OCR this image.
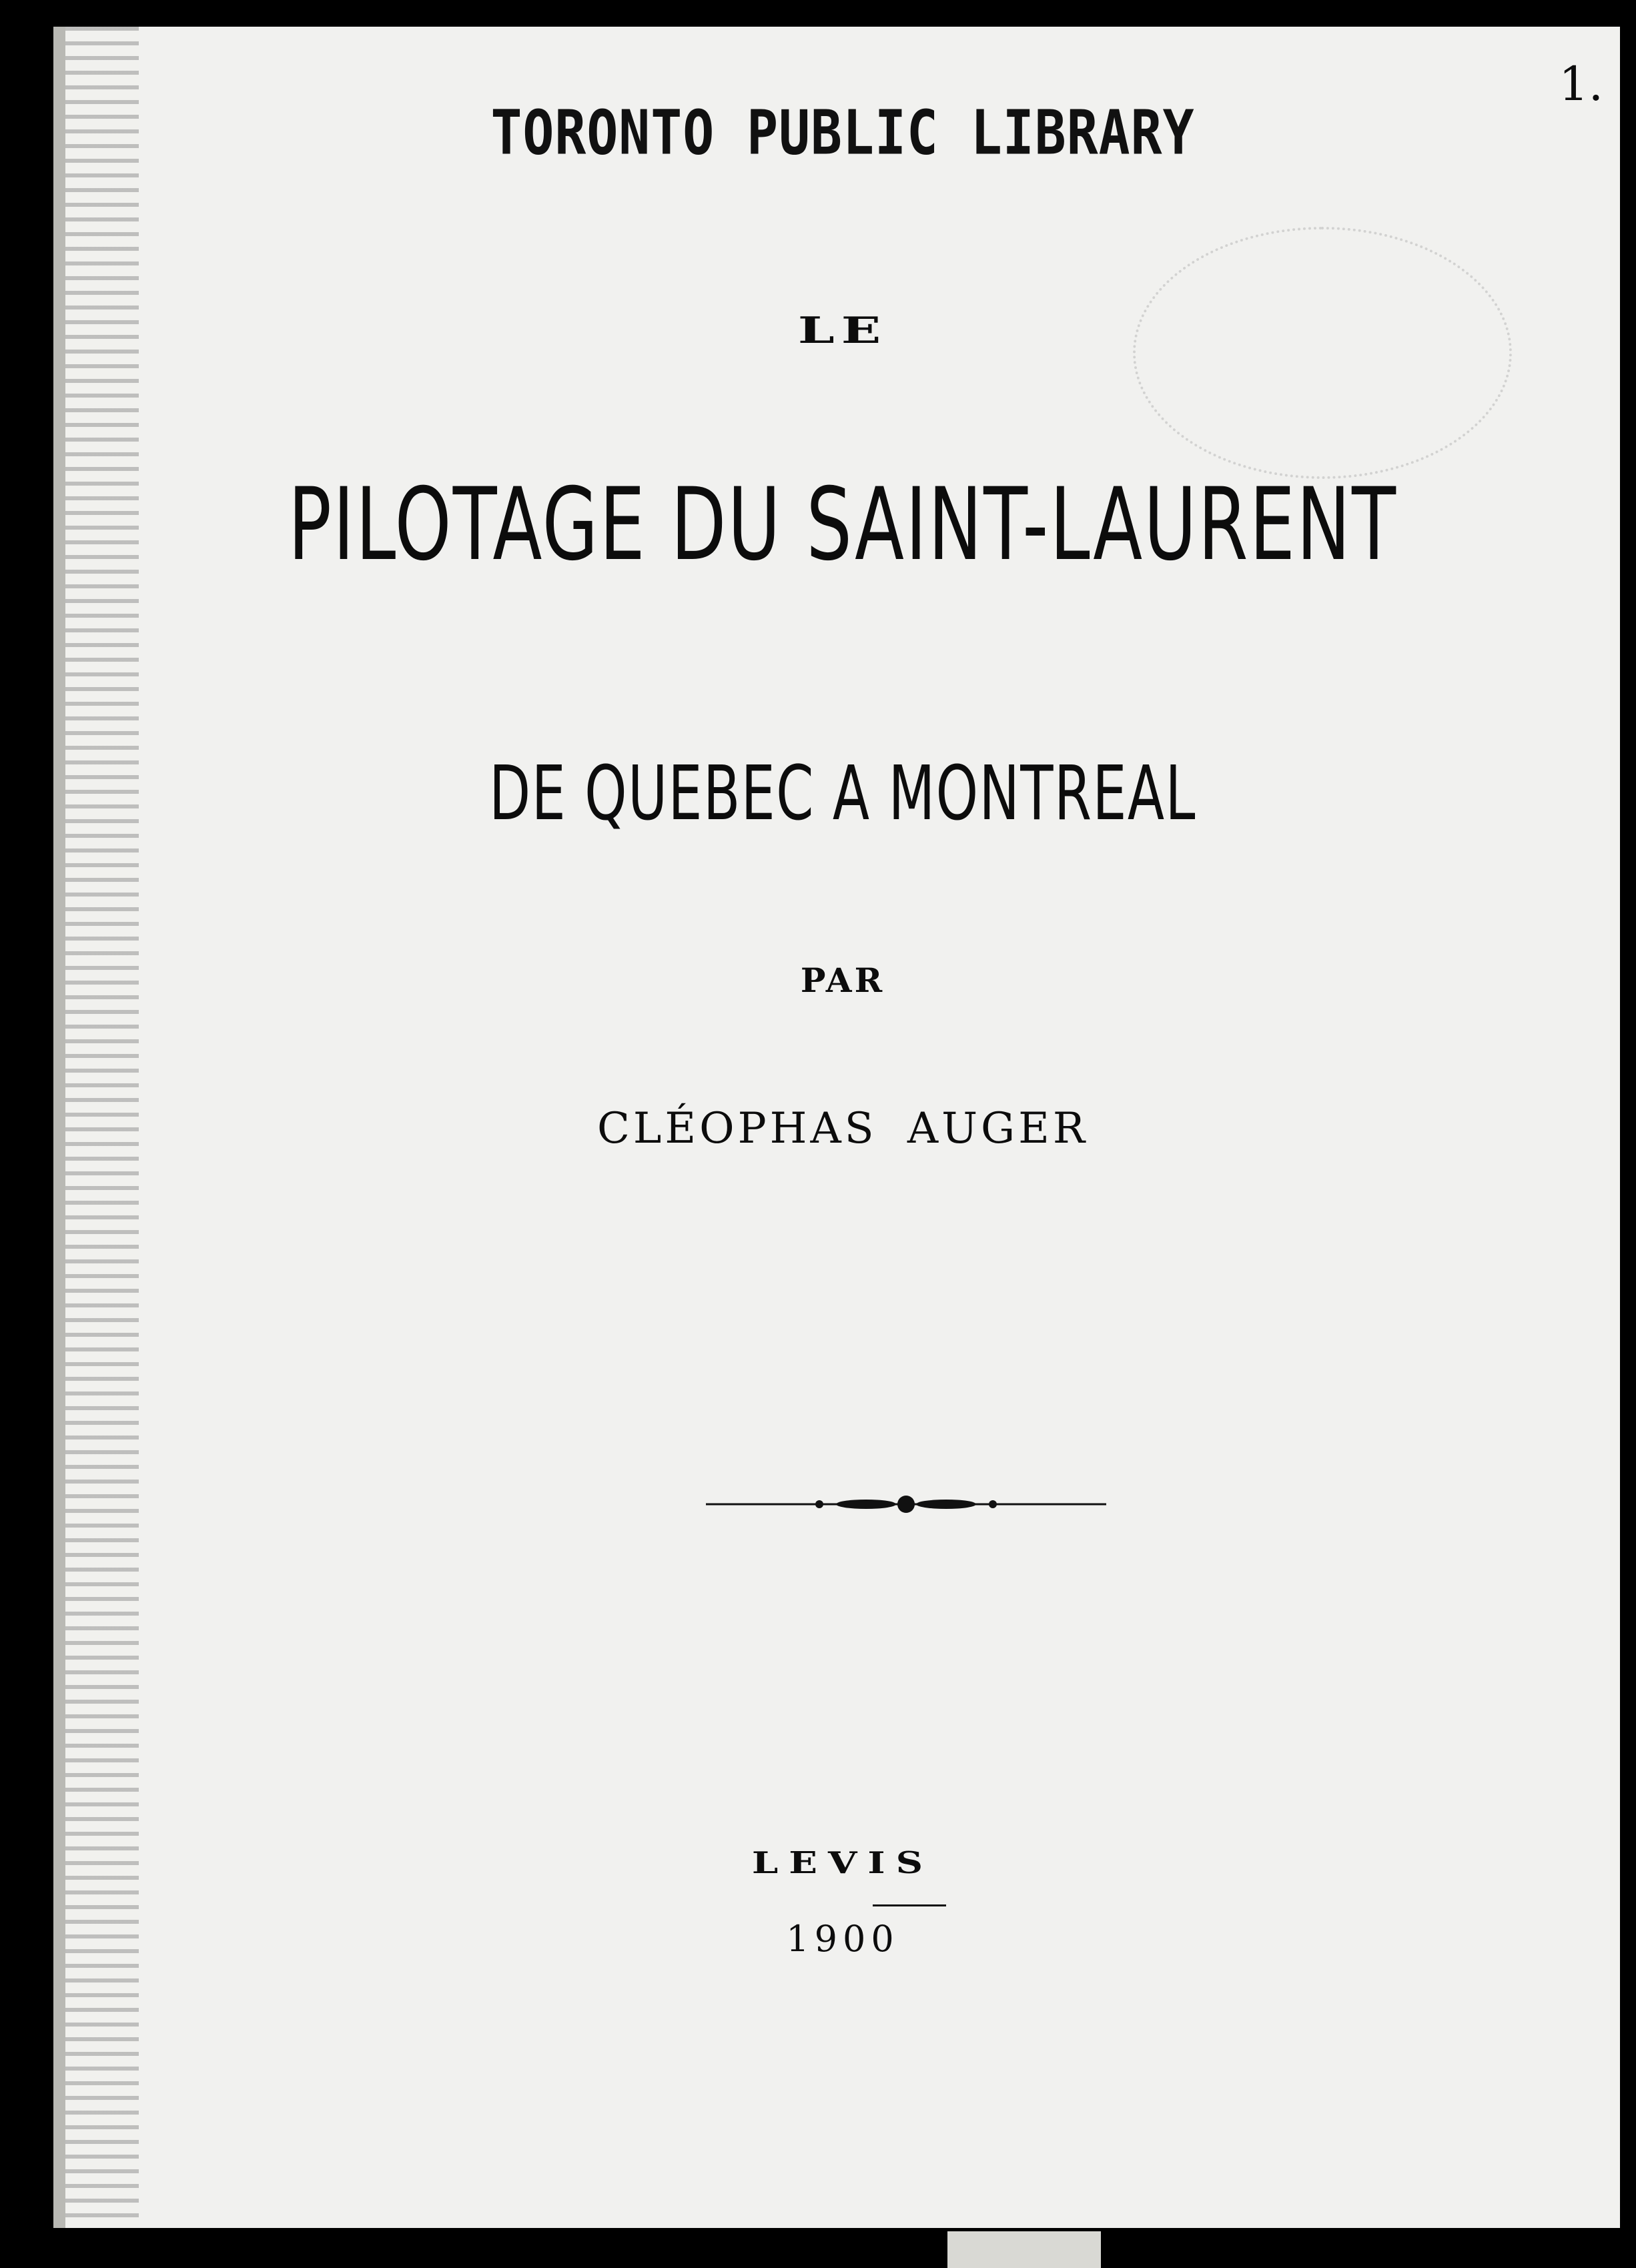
TORONTO PUBLIC LIBRARY
1.
LE
PILOTAGE DU SAINT-LAURENT
DE QUEBEC A MONTREAL
PAR
CLÉOPHAS AUGER
LEVIS
1900
